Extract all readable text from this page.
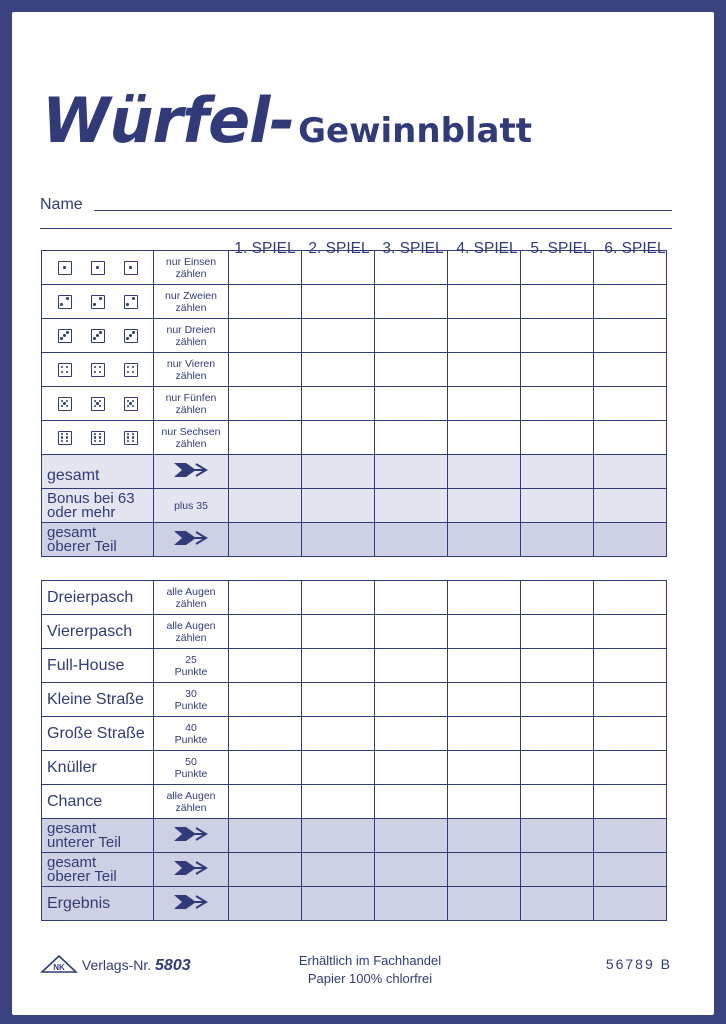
Würfel- Gewinnblatt
Name
1. SPIEL 2. SPIEL 3. SPIEL 4. SPIEL 5. SPIEL 6. SPIEL

	nur Einsen
zählen						

	nur Zweien
zählen						

	nur Dreien
zählen						

	nur Vieren
zählen						

	nur Fünfen
zählen						

	nur Sechsen
zählen						

gesamt

Bonus bei 63
oder mehr	plus 35						

gesamt
oberer Teil

Dreierpasch	alle Augen
zählen						

Viererpasch	alle Augen
zählen						

Full-House	25
Punkte						

Kleine Straße	30
Punkte						

Große Straße	40
Punkte						

Knüller	50
Punkte						

Chance	alle Augen
zählen						

gesamt
unterer Teil

gesamt
oberer Teil

Ergebnis

NK Verlags-Nr. 5803	Erhältlich im Fachhandel
Papier 100% chlorfrei
56789 B
